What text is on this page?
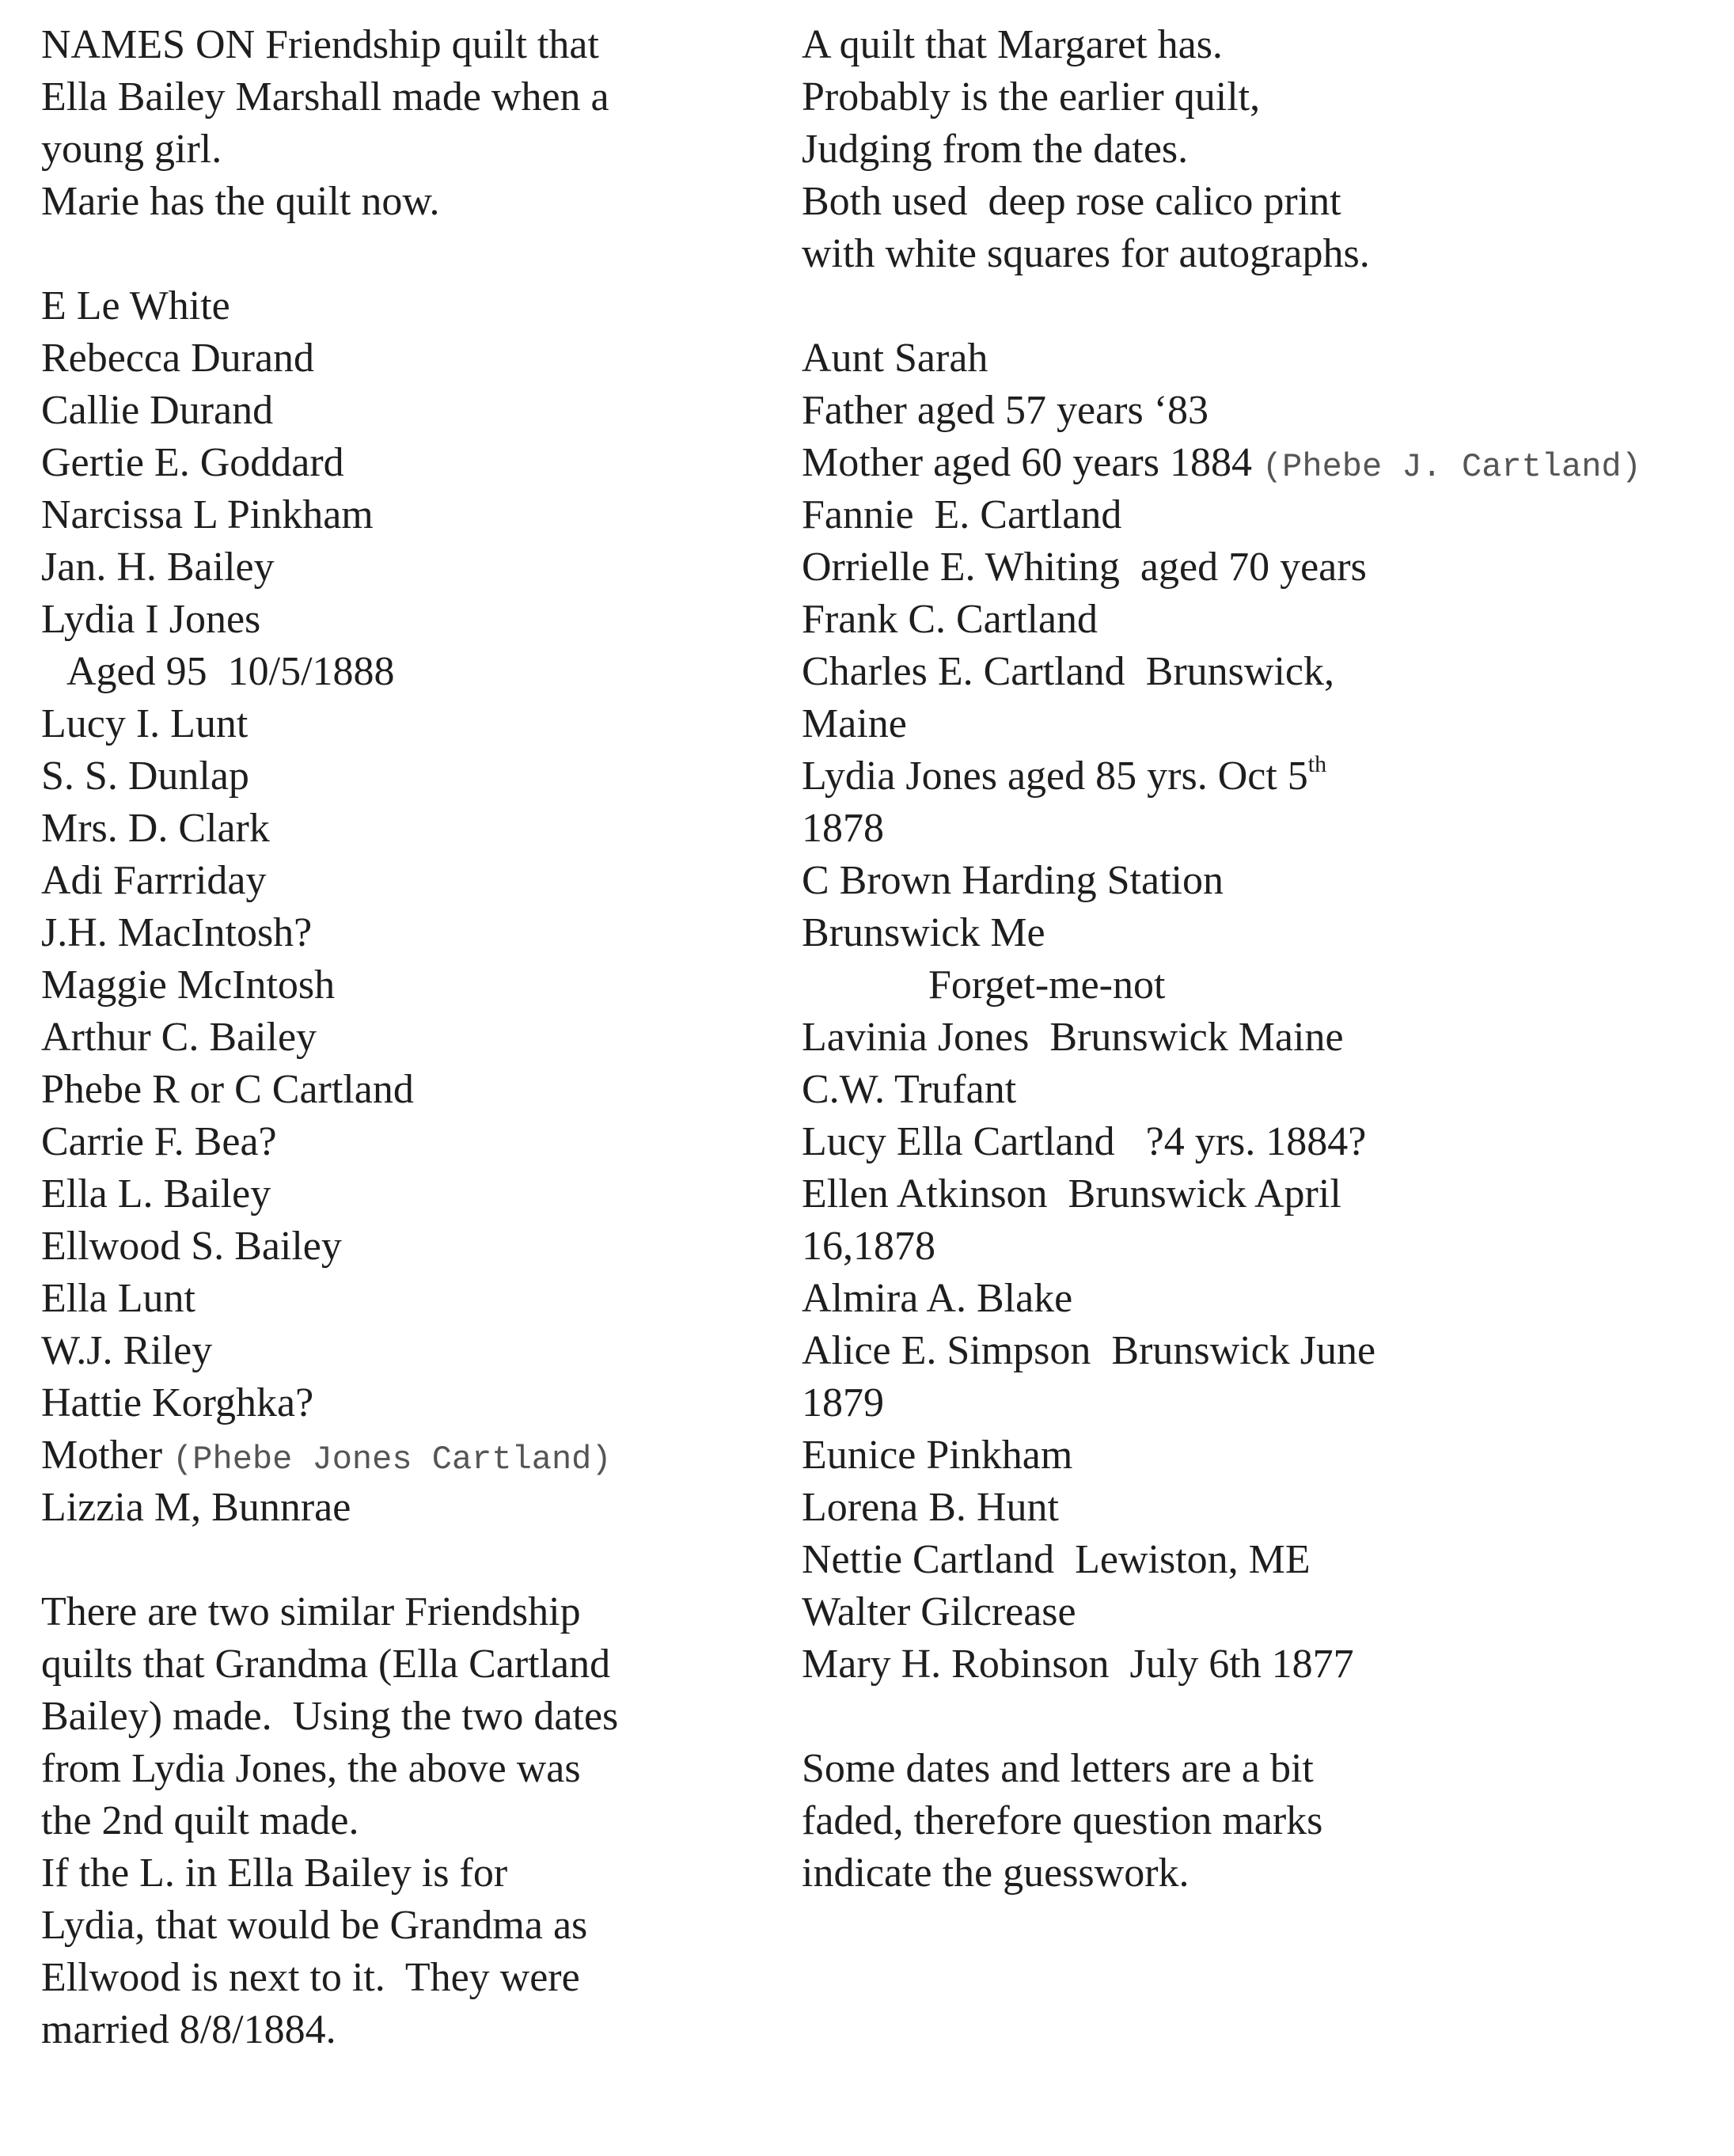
NAMES ON Friendship quilt that
Ella Bailey Marshall made when a
young girl.
Marie has the quilt now.
E Le White
Rebecca Durand
Callie Durand
Gertie E. Goddard
Narcissa L Pinkham
Jan. H. Bailey
Lydia I Jones
Aged 95  10/5/1888
Lucy I. Lunt
S. S. Dunlap
Mrs. D. Clark
Adi Farrriday
J.H. MacIntosh?
Maggie McIntosh
Arthur C. Bailey
Phebe R or C Cartland
Carrie F. Bea?
Ella L. Bailey
Ellwood S. Bailey
Ella Lunt
W.J. Riley
Hattie Korghka?
Mother (Phebe Jones Cartland)
Lizzia M, Bunnrae
There are two similar Friendship
quilts that Grandma (Ella Cartland
Bailey) made.  Using the two dates
from Lydia Jones, the above was
the 2nd quilt made.
If the L. in Ella Bailey is for
Lydia, that would be Grandma as
Ellwood is next to it.  They were
married 8/8/1884.
A quilt that Margaret has.
Probably is the earlier quilt,
Judging from the dates.
Both used  deep rose calico print
with white squares for autographs.
Aunt Sarah
Father aged 57 years ‘83
Mother aged 60 years 1884 (Phebe J. Cartland)
Fannie  E. Cartland
Orrielle E. Whiting  aged 70 years
Frank C. Cartland
Charles E. Cartland  Brunswick,
Maine
Lydia Jones aged 85 yrs. Oct 5th
1878
C Brown Harding Station
Brunswick Me
Forget-me-not
Lavinia Jones  Brunswick Maine
C.W. Trufant
Lucy Ella Cartland   ?4 yrs. 1884?
Ellen Atkinson  Brunswick April
16,1878
Almira A. Blake
Alice E. Simpson  Brunswick June
1879
Eunice Pinkham
Lorena B. Hunt
Nettie Cartland  Lewiston, ME
Walter Gilcrease
Mary H. Robinson  July 6th 1877
Some dates and letters are a bit
faded, therefore question marks
indicate the guesswork.
